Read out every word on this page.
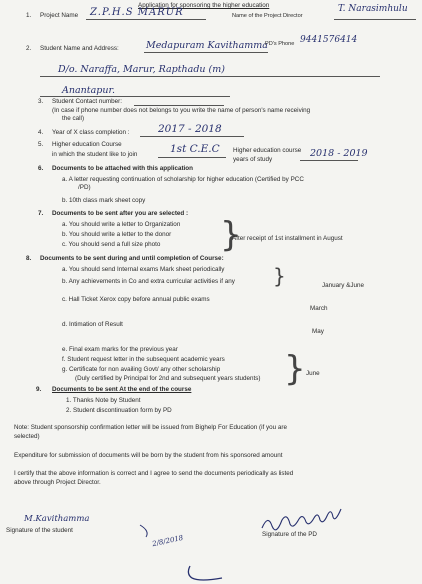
Application for sponsoring the higher education
1. Project Name Z.P.H.S MARUR	Name of the Project Director
T. Narasimhulu
2. Student Name and Address:	Medapuram Kavithamma
PD's Phone 9441576414
D/o. Naraffa, Marur, Rapthadu (m)
Anantapur.
3. Student Contact number:
(In case if phone number does not belongs to you write the name of person's name receiving
the call)
4. Year of X class completion :	2017 - 2018
5. Higher education Course
in which the student like to join	1st C.E.C Higher education course
years of study
2018 - 2019
6. Documents to be attached with this application
a. A letter requesting continuation of scholarship for higher education (Certified by PCC
/PD)
b. 10th class mark sheet copy
7. Documents to be sent after you are selected :
a. You should write a letter to Organization
b. You should write a letter to the donor
c. You should send a full size photo }
After receipt of 1st installment in August
8. Documents to be sent during and until completion of Course:
a. You should send Internal exams Mark sheet periodically
b. Any achievements in Co and extra curricular activities if any }	January &June
c. Hall Ticket Xerox copy before annual public exams
March
d. Intimation of Result
May
e. Final exam marks for the previous year
f. Student request letter in the subsequent academic years
g. Certificate for non availing Govt/ any other scholarship
(Duly certified by Principal for 2nd and subsequent years students) } June
9. Documents to be sent At the end of the course
1. Thanks Note by Student
2. Student discontinuation form by PD
Note: Student sponsorship confirmation letter will be issued from Bighelp For Education (if you are
selected)
Expenditure for submission of documents will be born by the student from his sponsored amount
I certify that the above information is correct and I agree to send the documents periodically as listed
above through Project Director.
M.Kavithamma
Signature of the student
2/8/2018	Signature of the PD
